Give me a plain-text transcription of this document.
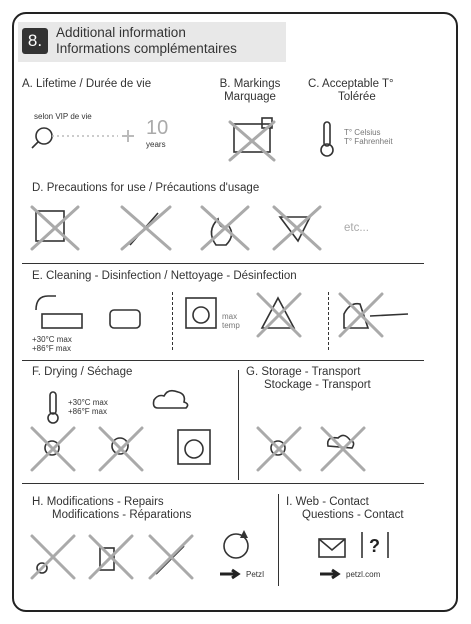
8.	Additional information
Informations complémentaires
A. Lifetime / Durée de vie
selon VIP de vie
10
years
B. Markings
Marquage
C. Acceptable T°
Tolérée
T° Celsius
T° Fahrenheit
D. Precautions for use / Précautions d'usage
etc...
E. Cleaning - Disinfection / Nettoyage - Désinfection
+30°C max
+86°F max
max
temp
F. Drying / Séchage
+30°C max
+86°F max
G. Storage - Transport
Stockage - Transport
H. Modifications - Repairs
Modifications - Réparations
PetzI
I. Web - Contact
Questions - Contact
?
petzl.com
